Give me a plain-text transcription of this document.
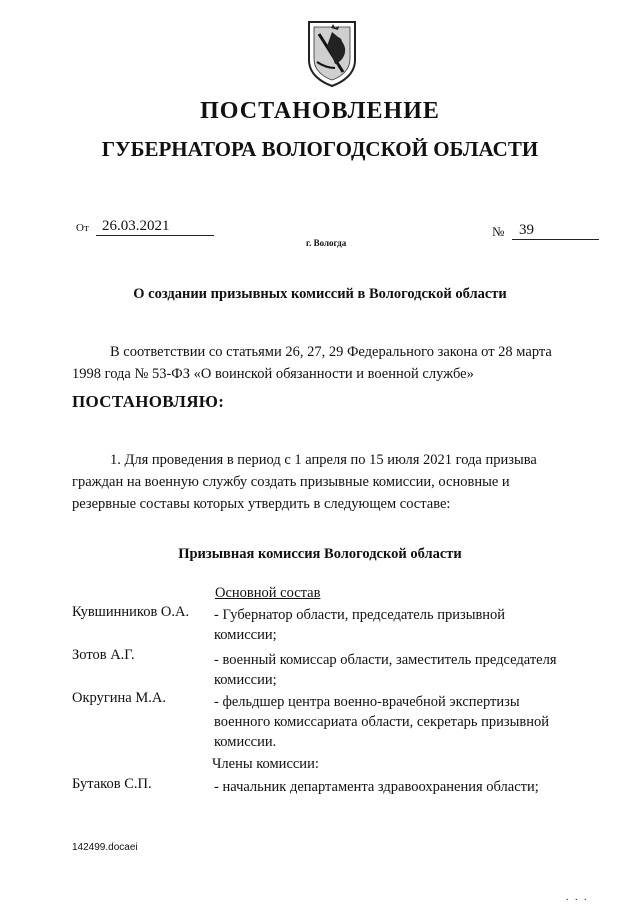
ПОСТАНОВЛЕНИЕ
ГУБЕРНАТОРА ВОЛОГОДСКОЙ ОБЛАСТИ
От 26.03.2021	№ 39
г. Вологда
О создании призывных комиссий в Вологодской области
В соответствии со статьями 26, 27, 29 Федерального закона от 28 марта
1998 года № 53-ФЗ «О воинской обязанности и военной службе»
ПОСТАНОВЛЯЮ:
1. Для проведения в период с 1 апреля по 15 июля 2021 года призыва
граждан на военную службу создать призывные комиссии, основные и
резервные составы которых утвердить в следующем составе:
Призывная комиссия Вологодской области
Основной состав
Кувшинников О.А. - Губернатор области, председатель призывной
комиссии;
Зотов А.Г.	- военный комиссар области, заместитель председателя
комиссии;
Округина М.А.	- фельдшер центра военно-врачебной экспертизы
военного комиссариата области, секретарь призывной
комиссии.
Члены комиссии:
Бутаков С.П.	- начальник департамента здравоохранения области;
142499.docaei
. . .
